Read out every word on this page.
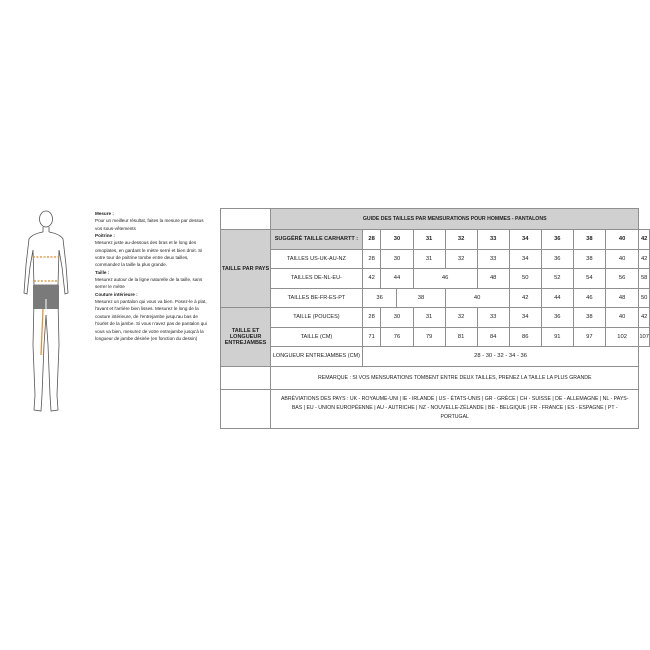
Mesure :
Pour un meilleur résultat, faites la mesure par dessus vos sous-vêtements
Poitrine :
Mesurez juste au-dessous des bras et le long des omoplates, en gardant le mètre serré et bien droit. Si votre tour de poitrine tombe entre deux tailles, commandez la taille la plus grande.
Taille :
Mesurez autour de la ligne naturelle de la taille, sans serrer le mètre
Couture intérieure :
Mesurez un pantalon qui vous va bien. Posez-le à plat, l'avant et l'arrière bien lisses. Mesurez le long de la couture intérieure, de l'entrejambe jusqu'au bas de l'ourlet de la jambe. Si vous n'avez pas de pantalon qui vous va bien, mesurez de votre entrejambe jusqu'à la longueur de jambe désirée (en fonction du dessin)
	GUIDE DES TAILLES PAR MENSURATIONS POUR HOMMES - PANTALONS											
TAILLE PAR PAYS	SUGGÉRÉ TAILLE CARHARTT :	28	30		31	32	33	34	36	38	40	42
	TAILLES US-UK-AU-NZ	28	30		31	32	33	34	36	38	40	42
	TAILLES DE-NL-EU-	42	44		46		48	50	52	54	56	58
	TAILLES BE-FR-ES-PT	36		38		40		42	44	46	48	50
TAILLE ET LONGUEUR ENTREJAMBES	TAILLE (POUCES)	28	30		31	32	33	34	36	38	40	42
	TAILLE (CM)	71	76		79	81	84	86	91	97	102	107
	LONGUEUR ENTREJAMBES (CM)	28 - 30 - 32 - 34 - 36										
	REMARQUE : SI VOS MENSURATIONS TOMBENT ENTRE DEUX TAILLES, PRENEZ LA TAILLE LA PLUS GRANDE											
	ABRÉVIATIONS DES PAYS : UK - ROYAUME-UNI | IE - IRLANDE | US - ÉTATS-UNIS | GR - GRÈCE | CH - SUISSE | DE - ALLEMAGNE | NL - PAYS-BAS | EU - UNION EUROPÉENNE | AU - AUTRICHE | NZ - NOUVELLE-ZÉLANDE | BE - BELGIQUE | FR - FRANCE | ES - ESPAGNE | PT - PORTUGAL											
